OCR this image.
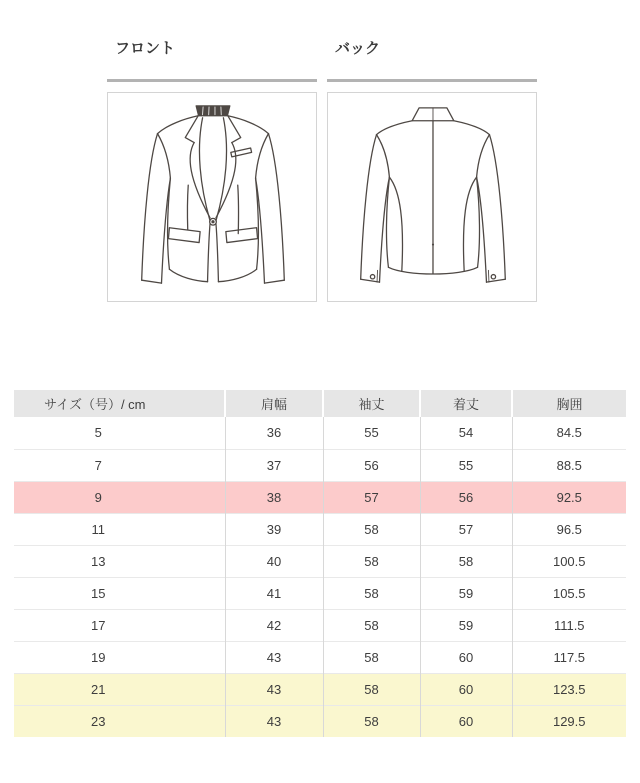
フロント	バック
サイズ（号）/ cm	肩幅	袖丈	着丈	胸囲
5	36	55	54	84.5
7	37	56	55	88.5
9	38	57	56	92.5
11	39	58	57	96.5
13	40	58	58	100.5
15	41	58	59	105.5
17	42	58	59	111.5
19	43	58	60	117.5
21	43	58	60	123.5
23	43	58	60	129.5
